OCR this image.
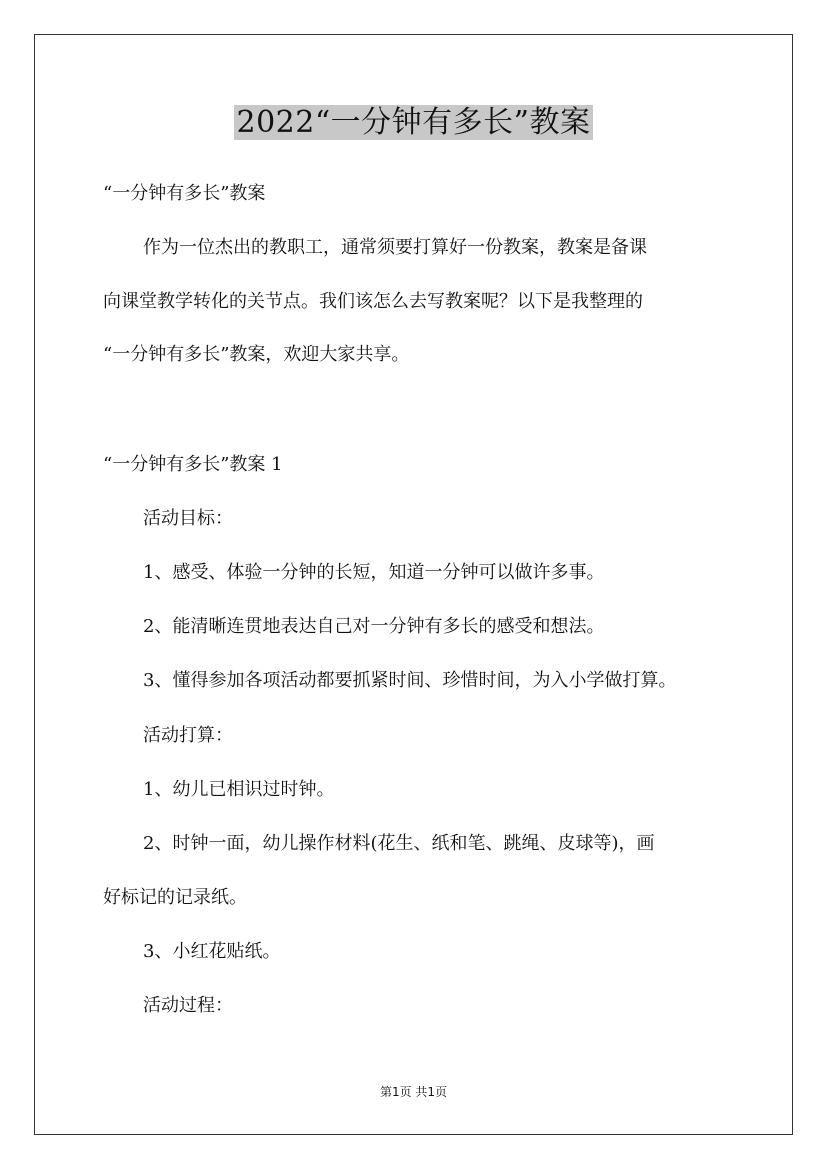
2022“一分钟有多长”教案
“一分钟有多长”教案
作为一位杰出的教职工，通常须要打算好一份教案，教案是备课
向课堂教学转化的关节点。我们该怎么去写教案呢？以下是我整理的
“一分钟有多长”教案，欢迎大家共享。
“一分钟有多长”教案 1
活动目标：
1、感受、体验一分钟的长短，知道一分钟可以做许多事。
2、能清晰连贯地表达自己对一分钟有多长的感受和想法。
3、懂得参加各项活动都要抓紧时间、珍惜时间，为入小学做打算。
活动打算：
1、幼儿已相识过时钟。
2、时钟一面，幼儿操作材料(花生、纸和笔、跳绳、皮球等)，画
好标记的记录纸。
3、小红花贴纸。
活动过程：
第1页 共1页
